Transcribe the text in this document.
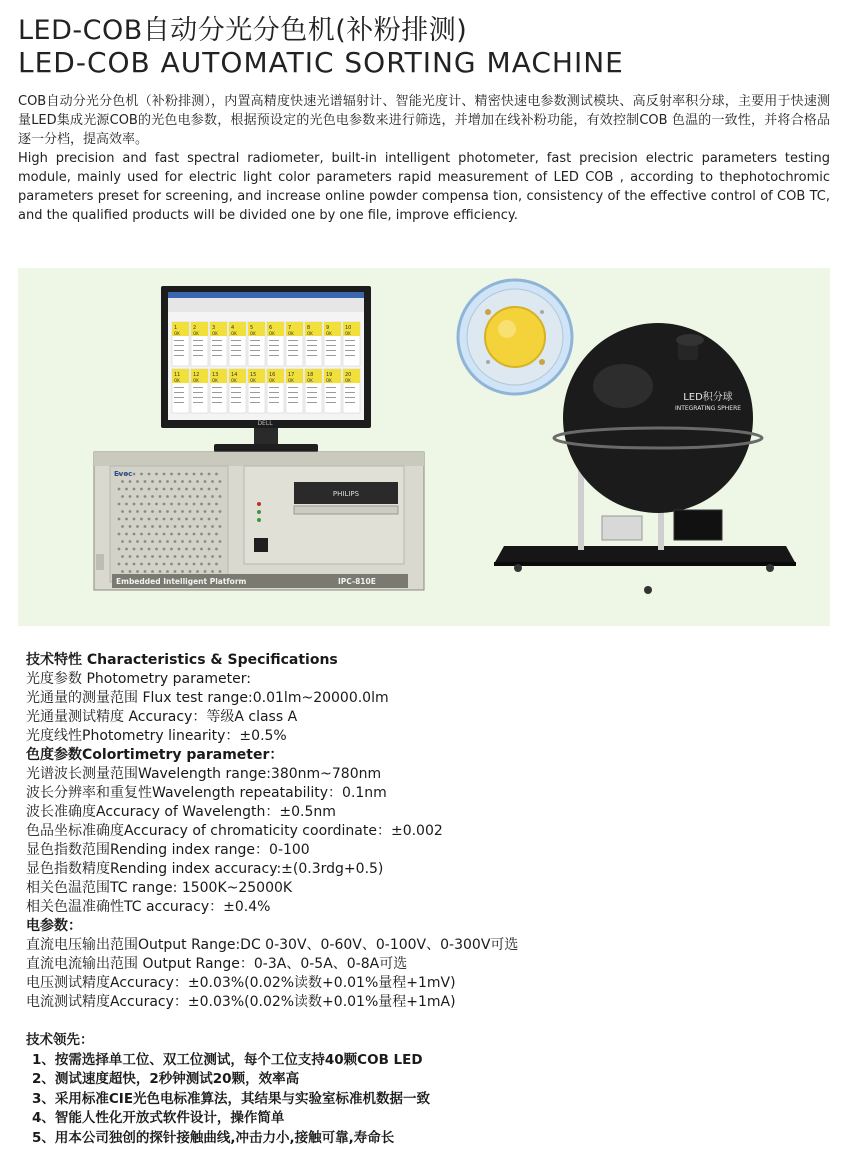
LED-COB自动分光分色机(补粉排测)
LED-COB AUTOMATIC SORTING MACHINE

COB自动分光分色机（补粉排测），内置高精度快速光谱辐射计、智能光度计、精密快速电参数测试模块、高反射率积分球，主要用于快速测量LED集成光源COB的光色电参数，根据预设定的光色电参数来进行筛选，并增加在线补粉功能，有效控制COB 色温的一致性，并将合格品逐一分档，提高效率。

High precision and fast spectral radiometer, built-in intelligent photometer, fast precision electric parameters testing module, mainly used for electric light color parameters rapid measurement of LED COB , according to thephotochromic parameters preset for screening, and increase online powder compensa tion, consistency of the effective control of COB TC, and the qualified products will be divided one by one file, improve efficiency.

1
OK
2
OK
3
OK
4
OK
5
OK
6
OK
7
OK
8
OK
9
OK
10
OK
11
OK
12
OK
13
OK
14
OK
15
OK
16
OK
17
OK
18
OK
19
OK
20
OK
DELL
PHILIPS
Embedded Intelligent Platform	IPC-810E
Evoc
LED积分球
INTEGRATING SPHERE
技术特性 Characteristics & Specifications
光度参数 Photometry parameter:
光通量的测量范围 Flux test range:0.01lm~20000.0lm
光通量测试精度 Accuracy：等级A class A
光度线性Photometry linearity：±0.5%
色度参数Colortimetry parameter：
光谱波长测量范围Wavelength range:380nm~780nm
波长分辨率和重复性Wavelength repeatability：0.1nm
波长准确度Accuracy of Wavelength：±0.5nm
色品坐标准确度Accuracy of chromaticity coordinate：±0.002
显色指数范围Rending index range：0-100
显色指数精度Rending index accuracy:±(0.3rdg+0.5)
相关色温范围TC range: 1500K~25000K
相关色温准确性TC accuracy：±0.4%
电参数：
直流电压输出范围Output Range:DC 0-30V、0-60V、0-100V、0-300V可选
直流电流输出范围 Output Range：0-3A、0-5A、0-8A可选
电压测试精度Accuracy：±0.03%(0.02%读数+0.01%量程+1mV)
电流测试精度Accuracy：±0.03%(0.02%读数+0.01%量程+1mA)
技术领先：
1、按需选择单工位、双工位测试，每个工位支持40颗COB LED
2、测试速度超快，2秒钟测试20颗，效率高
3、采用标准CIE光色电标准算法，其结果与实验室标准机数据一致
4、智能人性化开放式软件设计，操作简单
5、用本公司独创的探针接触曲线,冲击力小,接触可靠,寿命长
